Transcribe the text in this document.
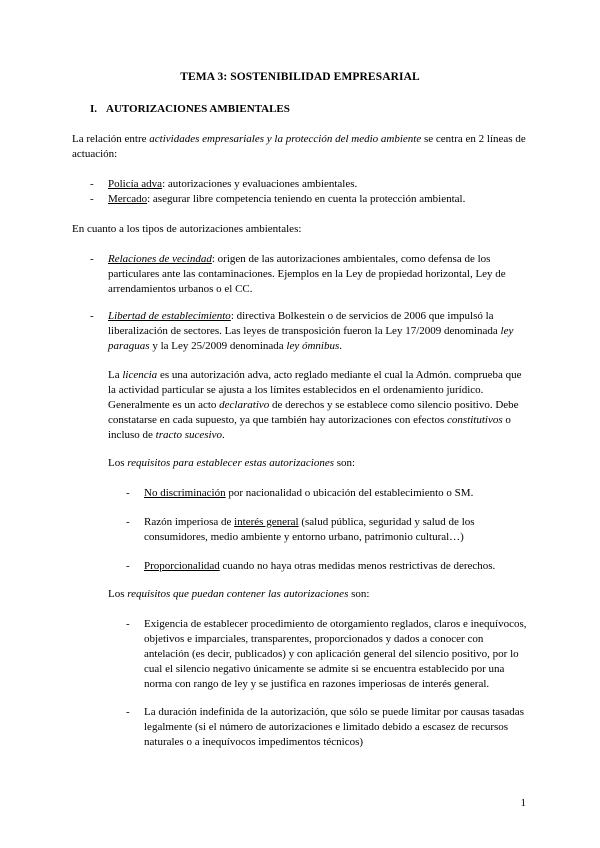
TEMA 3: SOSTENIBILIDAD EMPRESARIAL
I. AUTORIZACIONES AMBIENTALES

La relación entre actividades empresariales y la protección del medio ambiente se centra en 2 líneas de actuación:

- Policía adva: autorizaciones y evaluaciones ambientales.
- Mercado: asegurar libre competencia teniendo en cuenta la protección ambiental.

En cuanto a los tipos de autorizaciones ambientales:

- Relaciones de vecindad: origen de las autorizaciones ambientales, como defensa de los particulares ante las contaminaciones. Ejemplos en la Ley de propiedad horizontal, Ley de arrendamientos urbanos o el CC.
- Libertad de establecimiento: directiva Bolkestein o de servicios de 2006 que impulsó la liberalización de sectores. Las leyes de transposición fueron la Ley 17/2009 denominada ley paraguas y la Ley 25/2009 denominada ley ómnibus.

La licencia es una autorización adva, acto reglado mediante el cual la Admón. comprueba que la actividad particular se ajusta a los límites establecidos en el ordenamiento jurídico. Generalmente es un acto declarativo de derechos y se establece como silencio positivo. Debe constatarse en cada supuesto, ya que también hay autorizaciones con efectos constitutivos o incluso de tracto sucesivo.

Los requisitos para establecer estas autorizaciones son:

- No discriminación por nacionalidad o ubicación del establecimiento o SM.
- Razón imperiosa de interés general (salud pública, seguridad y salud de los consumidores, medio ambiente y entorno urbano, patrimonio cultural…)
- Proporcionalidad cuando no haya otras medidas menos restrictivas de derechos.

Los requisitos que puedan contener las autorizaciones son:

- Exigencia de establecer procedimiento de otorgamiento reglados, claros e inequívocos, objetivos e imparciales, transparentes, proporcionados y dados a conocer con antelación (es decir, publicados) y con aplicación general del silencio positivo, por lo cual el silencio negativo únicamente se admite si se encuentra establecido por una norma con rango de ley y se justifica en razones imperiosas de interés general.
- La duración indefinida de la autorización, que sólo se puede limitar por causas tasadas legalmente (si el número de autorizaciones e limitado debido a escasez de recursos naturales o a inequívocos impedimentos técnicos)
1
